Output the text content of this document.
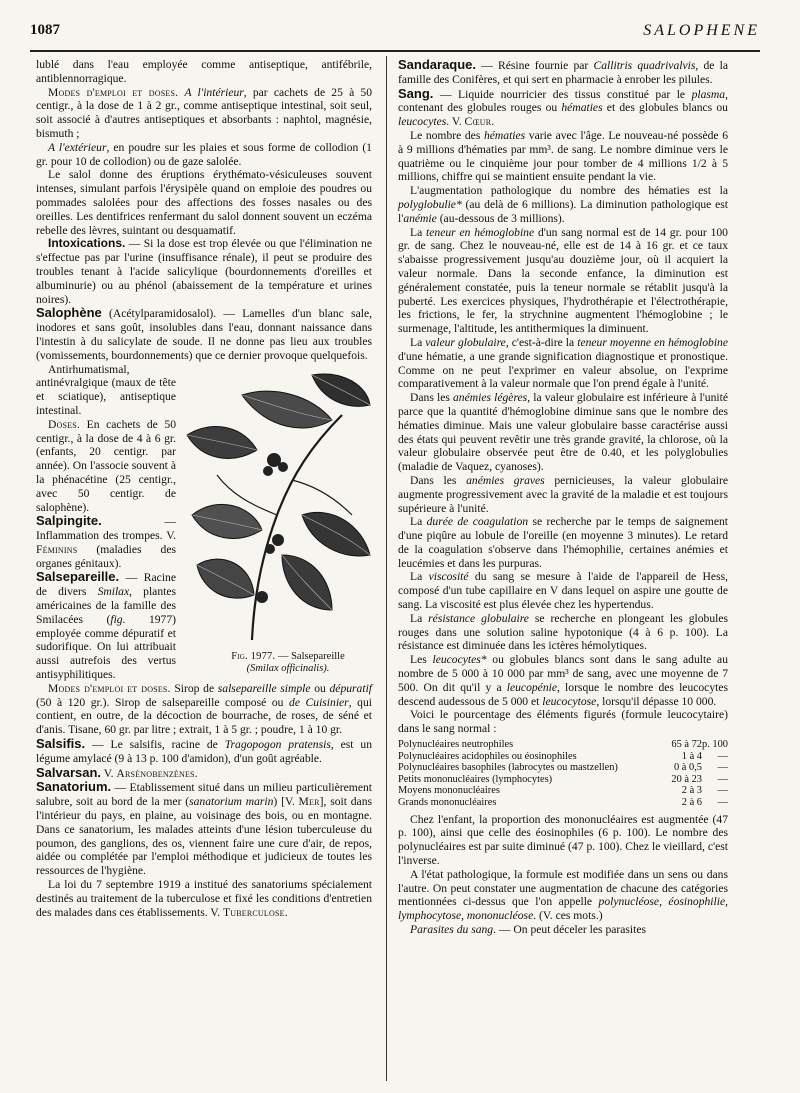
1087	SALOPHENE

lublé dans l'eau employée comme antiseptique, antifébrile, antiblennorragique.

Modes d'emploi et doses. A l'intérieur, par cachets de 25 à 50 centigr., à la dose de 1 à 2 gr., comme antiseptique intestinal, soit seul, soit associé à d'autres antiseptiques et absorbants : naphtol, magnésie, bismuth ;

A l'extérieur, en poudre sur les plaies et sous forme de collodion (1 gr. pour 10 de collodion) ou de gaze salolée.

Le salol donne des éruptions érythémato-vésiculeuses souvent intenses, simulant parfois l'érysipèle quand on emploie des poudres ou pommades salolées pour des affections des fosses nasales ou des oreilles. Les dentifrices renfermant du salol donnent souvent un eczéma rebelle des lèvres, suintant ou desquamatif.

Intoxications. — Si la dose est trop élevée ou que l'élimination ne s'effectue pas par l'urine (insuffisance rénale), il peut se produire des troubles tenant à l'acide salicylique (bourdonnements d'oreilles et albuminurie) ou au phénol (abaissement de la température et urines noires).

Salophène (Acétylparamidosalol). — Lamelles d'un blanc sale, inodores et sans goût, insolubles dans l'eau, donnant naissance dans l'intestin à du salicylate de soude. Il ne donne pas lieu aux troubles (vomissements, bourdonnements) que ce dernier provoque quelquefois.

Fig. 1977. — Salsepareille
(Smilax officinalis).

Antirhumatismal, antinévralgique (maux de tête et sciatique), antiseptique intestinal.

Doses. En cachets de 50 centigr., à la dose de 4 à 6 gr. (enfants, 20 centigr. par année). On l'associe souvent à la phénacétine (25 centigr., avec 50 centigr. de salophène).

Salpingite. — Inflammation des trompes. V. Féminins (maladies des organes génitaux).

Salsepareille. — Racine de divers Smilax, plantes américaines de la famille des Smilacées (fig. 1977) employée comme dépuratif et sudorifique. On lui attribuait aussi autrefois des vertus antisyphilitiques.

Modes d'emploi et doses. Sirop de salsepareille simple ou dépuratif (50 à 120 gr.). Sirop de salsepareille composé ou de Cuisinier, qui contient, en outre, de la décoction de bourrache, de roses, de séné et d'anis. Tisane, 60 gr. par litre ; extrait, 1 à 5 gr. ; poudre, 1 à 10 gr.

Salsifis. — Le salsifis, racine de Tragopogon pratensis, est un légume amylacé (9 à 13 p. 100 d'amidon), d'un goût agréable.

Salvarsan. V. Arsénobenzènes.

Sanatorium. — Etablissement situé dans un milieu particulièrement salubre, soit au bord de la mer (sanatorium marin) [V. Mer], soit dans l'intérieur du pays, en plaine, au voisinage des bois, ou en montagne. Dans ce sanatorium, les malades atteints d'une lésion tuberculeuse du poumon, des ganglions, des os, viennent faire une cure d'air, de repos, aidée ou complétée par l'emploi méthodique et judicieux de toutes les ressources de l'hygiène.

La loi du 7 septembre 1919 a institué des sanatoriums spécialement destinés au traitement de la tuberculose et fixé les conditions d'entretien des malades dans ces établissements. V. Tuberculose.

Sandaraque. — Résine fournie par Callitris quadrivalvis, de la famille des Conifères, et qui sert en pharmacie à enrober les pilules.

Sang. — Liquide nourricier des tissus constitué par le plasma, contenant des globules rouges ou hématies et des globules blancs ou leucocytes. V. Cœur.

Le nombre des hématies varie avec l'âge. Le nouveau-né possède 6 à 9 millions d'hématies par mm³. de sang. Le nombre diminue vers le quatrième ou le cinquième jour pour tomber de 4 millions 1/2 à 5 millions, chiffre qui se maintient ensuite pendant la vie.

L'augmentation pathologique du nombre des hématies est la polyglobulie* (au delà de 6 millions). La diminution pathologique est l'anémie (au-dessous de 3 millions).

La teneur en hémoglobine d'un sang normal est de 14 gr. pour 100 gr. de sang. Chez le nouveau-né, elle est de 14 à 16 gr. et ce taux s'abaisse progressivement jusqu'au douzième jour, où il acquiert la valeur normale. Dans la seconde enfance, la diminution est généralement constatée, puis la teneur normale se rétablit jusqu'à la puberté. Les exercices physiques, l'hydrothérapie et l'électrothérapie, les frictions, le fer, la strychnine augmentent l'hémoglobine ; le surmenage, l'altitude, les antithermiques la diminuent.

La valeur globulaire, c'est-à-dire la teneur moyenne en hémoglobine d'une hématie, a une grande signification diagnostique et pronostique. Comme on ne peut l'exprimer en valeur absolue, on l'exprime comparativement à la valeur normale que l'on prend égale à l'unité.

Dans les anémies légères, la valeur globulaire est inférieure à l'unité parce que la quantité d'hémoglobine diminue sans que le nombre des hématies diminue. Mais une valeur globulaire basse caractérise aussi des états qui peuvent revêtir une très grande gravité, la chlorose, où la valeur globulaire observée peut être de 0.40, et les polyglobulies (maladie de Vaquez, cyanoses).

Dans les anémies graves pernicieuses, la valeur globulaire augmente progressivement avec la gravité de la maladie et est toujours supérieure à l'unité.

La durée de coagulation se recherche par le temps de saignement d'une piqûre au lobule de l'oreille (en moyenne 3 minutes). Le retard de la coagulation s'observe dans l'hémophilie, certaines anémies et leucémies et dans les purpuras.

La viscosité du sang se mesure à l'aide de l'appareil de Hess, composé d'un tube capillaire en V dans lequel on aspire une goutte de sang. La viscosité est plus élevée chez les hypertendus.

La résistance globulaire se recherche en plongeant les globules rouges dans une solution saline hypotonique (4 à 6 p. 100). La résistance est diminuée dans les ictères hémolytiques.

Les leucocytes* ou globules blancs sont dans le sang adulte au nombre de 5 000 à 10 000 par mm³ de sang, avec une moyenne de 7 500. On dit qu'il y a leucopénie, lorsque le nombre des leucocytes descend audessous de 5 000 et leucocytose, lorsqu'il dépasse 10 000.

Voici le pourcentage des éléments figurés (formule leucocytaire) dans le sang normal :

Polynucléaires neutrophiles	65 à 72	p. 100
Polynucléaires acidophiles ou éosinophiles	1 à 4	—
Polynucléaires basophiles (labrocytes ou mastzellen)	0 à 0,5	—
Petits mononucléaires (lymphocytes)	20 à 23	—
Moyens mononucléaires	2 à 3	—
Grands mononucléaires	2 à 6	—

Chez l'enfant, la proportion des mononucléaires est augmentée (47 p. 100), ainsi que celle des éosinophiles (6 p. 100). Le nombre des polynucléaires est par suite diminué (47 p. 100). Chez le vieillard, c'est l'inverse.

A l'état pathologique, la formule est modifiée dans un sens ou dans l'autre. On peut constater une augmentation de chacune des catégories mentionnées ci-dessus que l'on appelle polynucléose, éosinophilie, lymphocytose, mononucléose. (V. ces mots.)

Parasites du sang. — On peut déceler les parasites
